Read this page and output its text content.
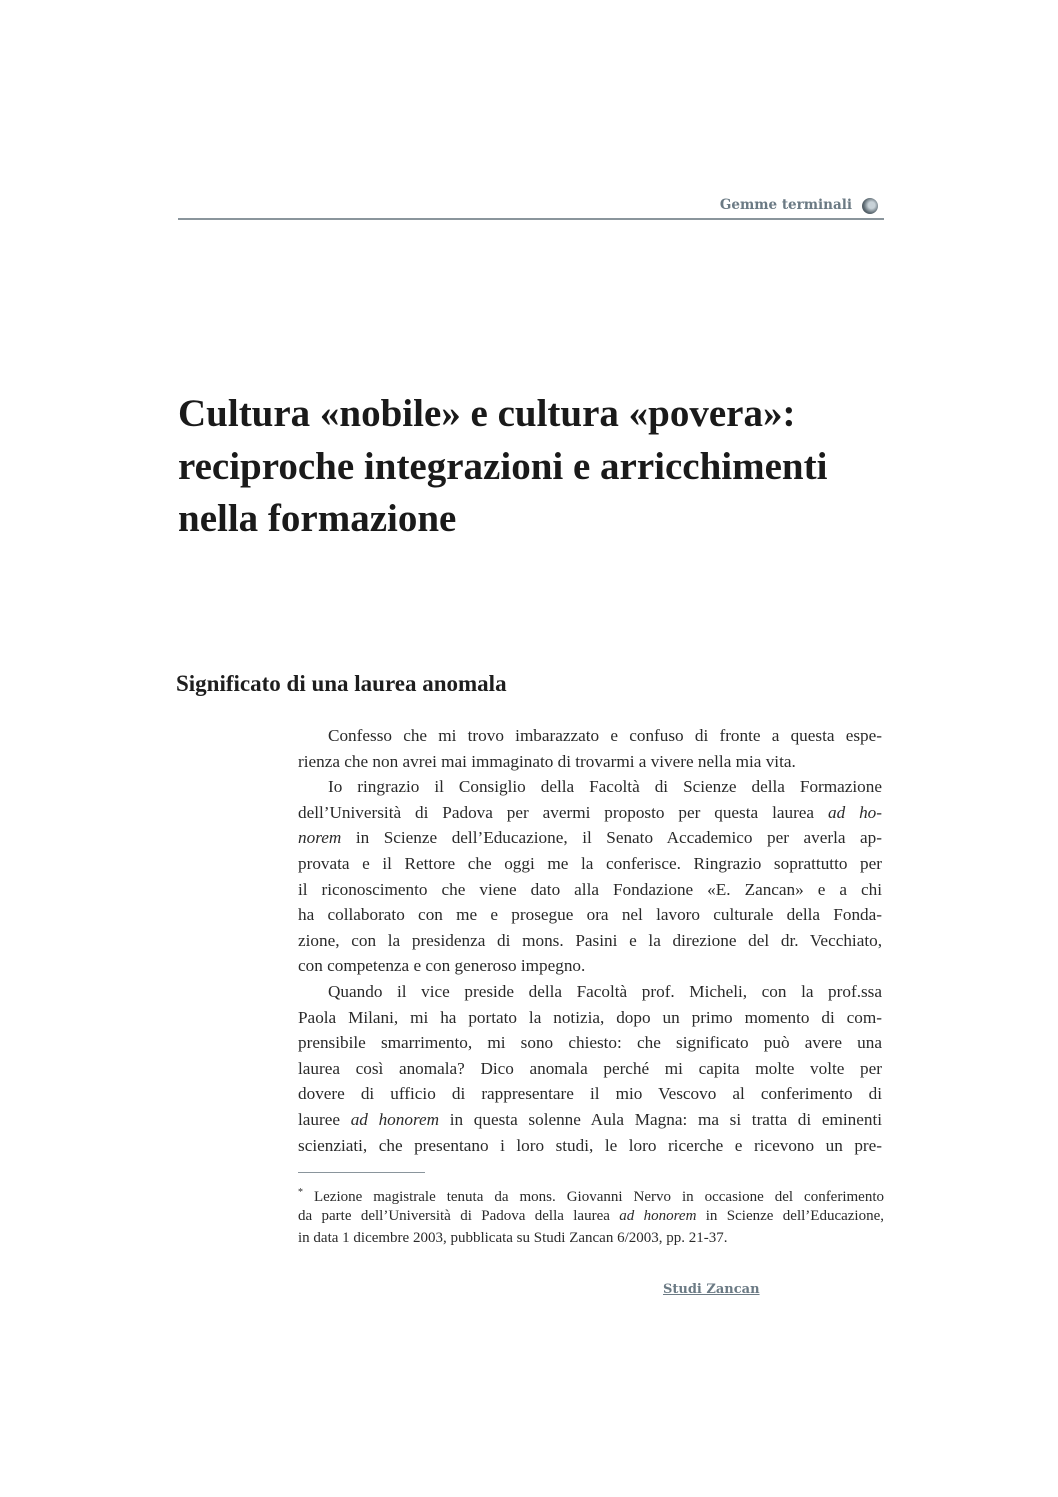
Gemme terminali
Cultura «nobile» e cultura «povera»:
reciproche integrazioni e arricchimenti
nella formazione
Significato di una laurea anomala
Confesso che mi trovo imbarazzato e confuso di fronte a questa espe-
rienza che non avrei mai immaginato di trovarmi a vivere nella mia vita.
Io ringrazio il Consiglio della Facoltà di Scienze della Formazione
dell’Università di Padova per avermi proposto per questa laurea ad ho-
norem in Scienze dell’Educazione, il Senato Accademico per averla ap-
provata e il Rettore che oggi me la conferisce. Ringrazio soprattutto per
il riconoscimento che viene dato alla Fondazione «E. Zancan» e a chi
ha collaborato con me e prosegue ora nel lavoro culturale della Fonda-
zione, con la presidenza di mons. Pasini e la direzione del dr. Vecchiato,
con competenza e con generoso impegno.
Quando il vice preside della Facoltà prof. Micheli, con la prof.ssa
Paola Milani, mi ha portato la notizia, dopo un primo momento di com-
prensibile smarrimento, mi sono chiesto: che significato può avere una
laurea così anomala? Dico anomala perché mi capita molte volte per
dovere di ufficio di rappresentare il mio Vescovo al conferimento di
lauree ad honorem in questa solenne Aula Magna: ma si tratta di eminenti
scienziati, che presentano i loro studi, le loro ricerche e ricevono un pre-
* Lezione magistrale tenuta da mons. Giovanni Nervo in occasione del conferimento
da parte dell’Università di Padova della laurea ad honorem in Scienze dell’Educazione,
in data 1 dicembre 2003, pubblicata su Studi Zancan 6/2003, pp. 21-37.
Studi Zancan
